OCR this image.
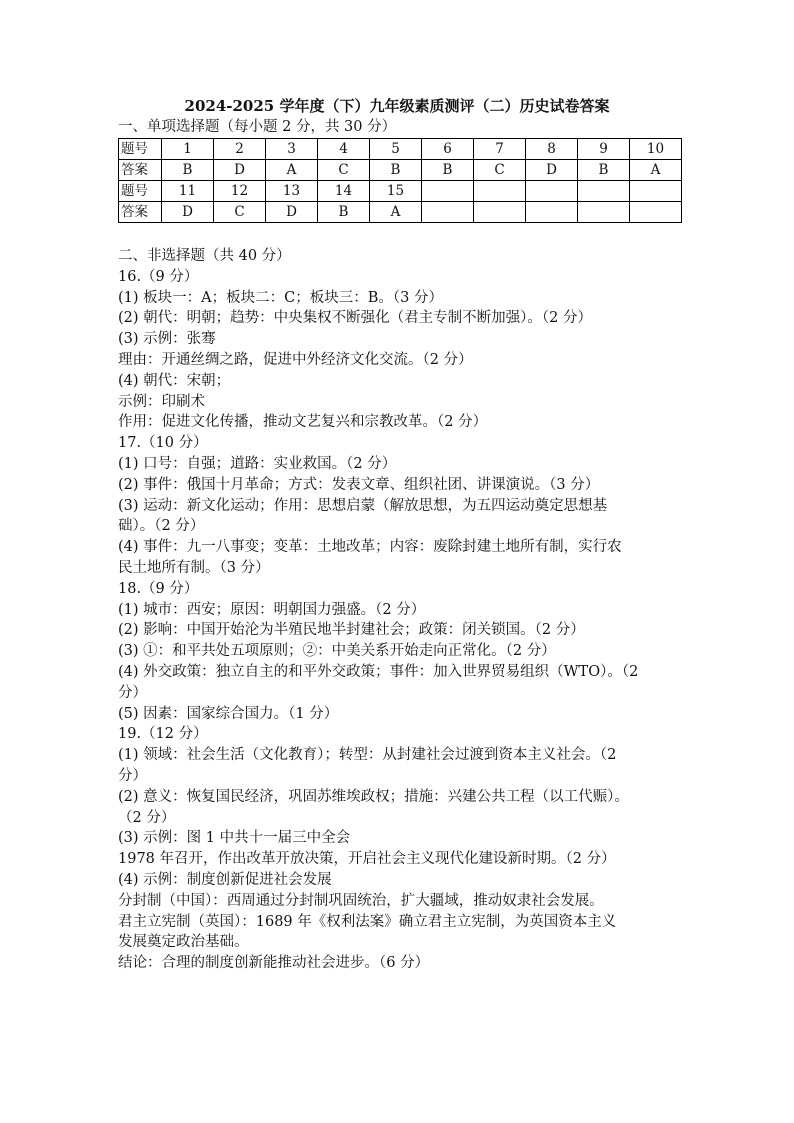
2024-2025 学年度（下）九年级素质测评（二）历史试卷答案
一、单项选择题（每小题 2 分，共 30 分）
题号	1	2	3	4	5	6	7	8	9	10
答案	B	D	A	C	B	B	C	D	B	A
题号	11	12	13	14	15					
答案	D	C	D	B	A					
二、非选择题（共 40 分）
16.（9 分）
(1) 板块一：A；板块二：C；板块三：B。（3 分）
(2) 朝代：明朝；趋势：中央集权不断强化（君主专制不断加强）。（2 分）
(3) 示例：张骞
理由：开通丝绸之路，促进中外经济文化交流。（2 分）
(4) 朝代：宋朝；
示例：印刷术
作用：促进文化传播，推动文艺复兴和宗教改革。（2 分）
17.（10 分）
(1) 口号：自强；道路：实业救国。（2 分）
(2) 事件：俄国十月革命；方式：发表文章、组织社团、讲课演说。（3 分）
(3) 运动：新文化运动；作用：思想启蒙（解放思想，为五四运动奠定思想基
础）。（2 分）
(4) 事件：九一八事变；变革：土地改革；内容：废除封建土地所有制，实行农
民土地所有制。（3 分）
18.（9 分）
(1) 城市：西安；原因：明朝国力强盛。（2 分）
(2) 影响：中国开始沦为半殖民地半封建社会；政策：闭关锁国。（2 分）
(3) ①：和平共处五项原则；②：中美关系开始走向正常化。（2 分）
(4) 外交政策：独立自主的和平外交政策；事件：加入世界贸易组织（WTO）。（2
分）
(5) 因素：国家综合国力。（1 分）
19.（12 分）
(1) 领域：社会生活（文化教育）；转型：从封建社会过渡到资本主义社会。（2
分）
(2) 意义：恢复国民经济，巩固苏维埃政权；措施：兴建公共工程（以工代赈）。
（2 分）
(3) 示例：图 1 中共十一届三中全会
1978 年召开，作出改革开放决策，开启社会主义现代化建设新时期。（2 分）
(4) 示例：制度创新促进社会发展
分封制（中国）：西周通过分封制巩固统治，扩大疆域，推动奴隶社会发展。
君主立宪制（英国）：1689 年《权利法案》确立君主立宪制，为英国资本主义
发展奠定政治基础。
结论：合理的制度创新能推动社会进步。（6 分）
